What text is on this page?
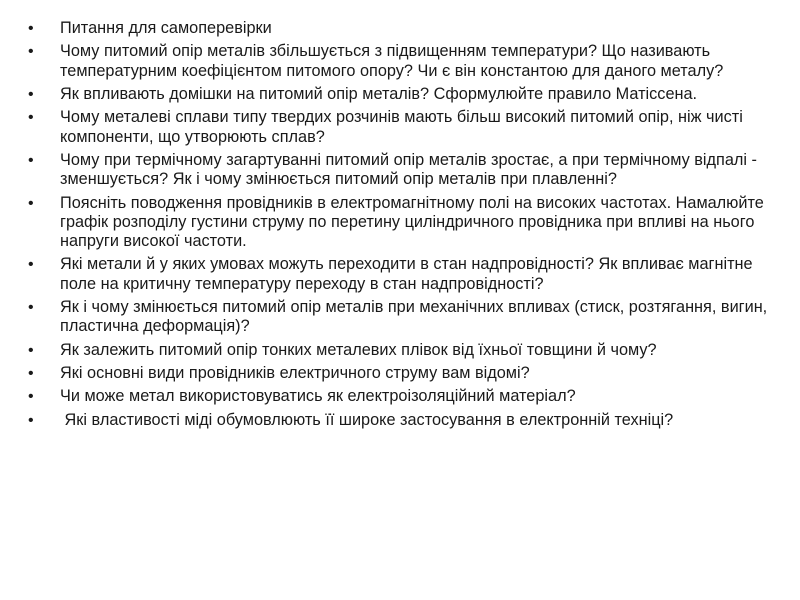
•	Питання для самоперевірки
•	Чому питомий опір металів збільшується з підвищенням температури? Що називають температурним коефіцієнтом питомого опору? Чи є він константою для даного металу?
•	Як впливають домішки на питомий опір металів? Сформулюйте правило Матіссена.
•	Чому металеві сплави типу твердих розчинів мають більш високий питомий опір, ніж чисті компоненти, що утворюють сплав?
•	Чому при термічному загартуванні питомий опір металів зростає, а при термічному відпалі - зменшується? Як і чому змінюється питомий опір металів при плавленні?
•	Поясніть поводження провідників в електромагнітному полі на високих частотах. Намалюйте графік розподілу густини струму по перетину циліндричного провідника при впливі на нього напруги високої частоти.
•	Які метали й у яких умовах можуть переходити в стан надпровідності? Як впливає магнітне поле на критичну температуру переходу в стан надпровідності?
•	Як і чому змінюється питомий опір металів при механічних впливах (стиск, розтягання, вигин, пластична деформація)?
•	Як залежить питомий опір тонких металевих плівок від їхньої товщини й чому?
•	Які основні види провідників електричного струму вам відомі?
•	Чи може метал використовуватись як електроізоляційний матеріал?
•	Які властивості міді обумовлюють її широке застосування в електронній техніці?
